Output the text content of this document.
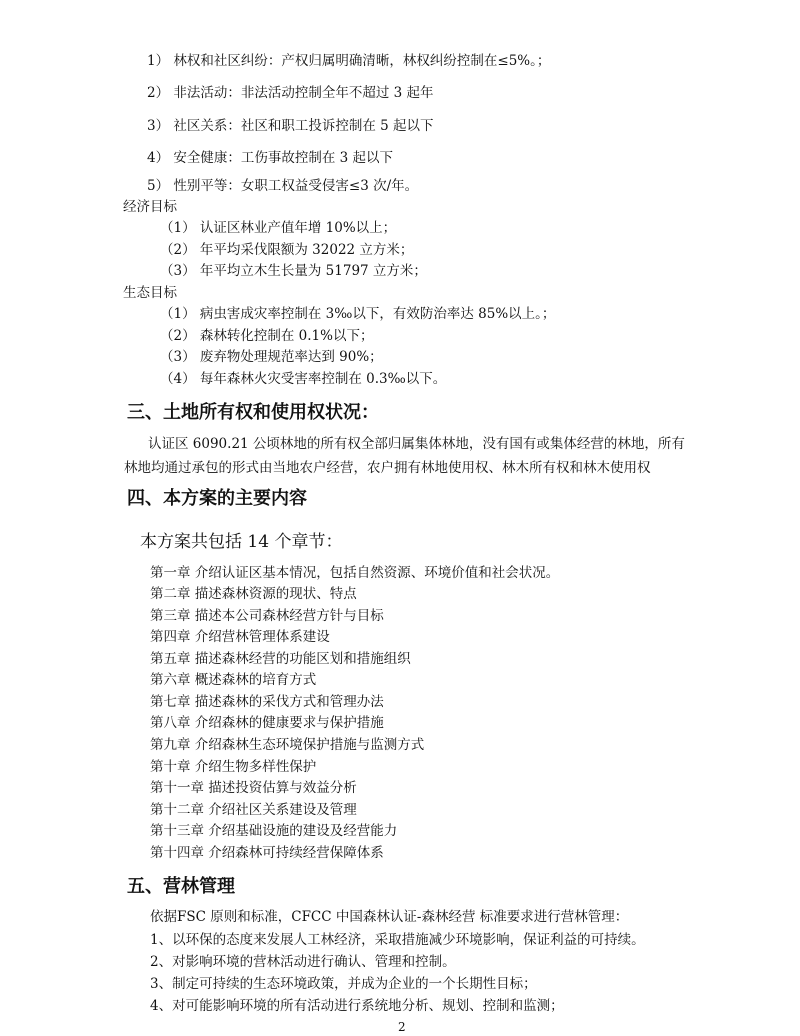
1） 林权和社区纠纷：产权归属明确清晰，林权纠纷控制在≤5%。；
2） 非法活动：非法活动控制全年不超过 3 起年
3） 社区关系：社区和职工投诉控制在 5 起以下
4） 安全健康：工伤事故控制在 3 起以下
5） 性别平等：女职工权益受侵害≤3 次/年。
经济目标
（1） 认证区林业产值年增 10%以上；
（2） 年平均采伐限额为 32022 立方米；
（3） 年平均立木生长量为 51797 立方米；
生态目标
（1） 病虫害成灾率控制在 3‰以下，有效防治率达 85%以上。；
（2） 森林转化控制在 0.1%以下；
（3） 废弃物处理规范率达到 90%；
（4） 每年森林火灾受害率控制在 0.3‰以下。
三、土地所有权和使用权状况：
认证区 6090.21 公顷林地的所有权全部归属集体林地，没有国有或集体经营的林地，所有林地均通过承包的形式由当地农户经营，农户拥有林地使用权、林木所有权和林木使用权
四、本方案的主要内容
本方案共包括 14 个章节：
第一章 介绍认证区基本情况，包括自然资源、环境价值和社会状况。
第二章 描述森林资源的现状、特点
第三章 描述本公司森林经营方针与目标
第四章 介绍营林管理体系建设
第五章 描述森林经营的功能区划和措施组织
第六章 概述森林的培育方式
第七章 描述森林的采伐方式和管理办法
第八章 介绍森林的健康要求与保护措施
第九章 介绍森林生态环境保护措施与监测方式
第十章 介绍生物多样性保护
第十一章 描述投资估算与效益分析
第十二章 介绍社区关系建设及管理
第十三章 介绍基础设施的建设及经营能力
第十四章 介绍森林可持续经营保障体系
五、营林管理
依据FSC 原则和标准，CFCC 中国森林认证-森林经营 标准要求进行营林管理：
1、以环保的态度来发展人工林经济，采取措施减少环境影响，保证利益的可持续。
2、对影响环境的营林活动进行确认、管理和控制。
3、制定可持续的生态环境政策，并成为企业的一个长期性目标；
4、对可能影响环境的所有活动进行系统地分析、规划、控制和监测；
2
